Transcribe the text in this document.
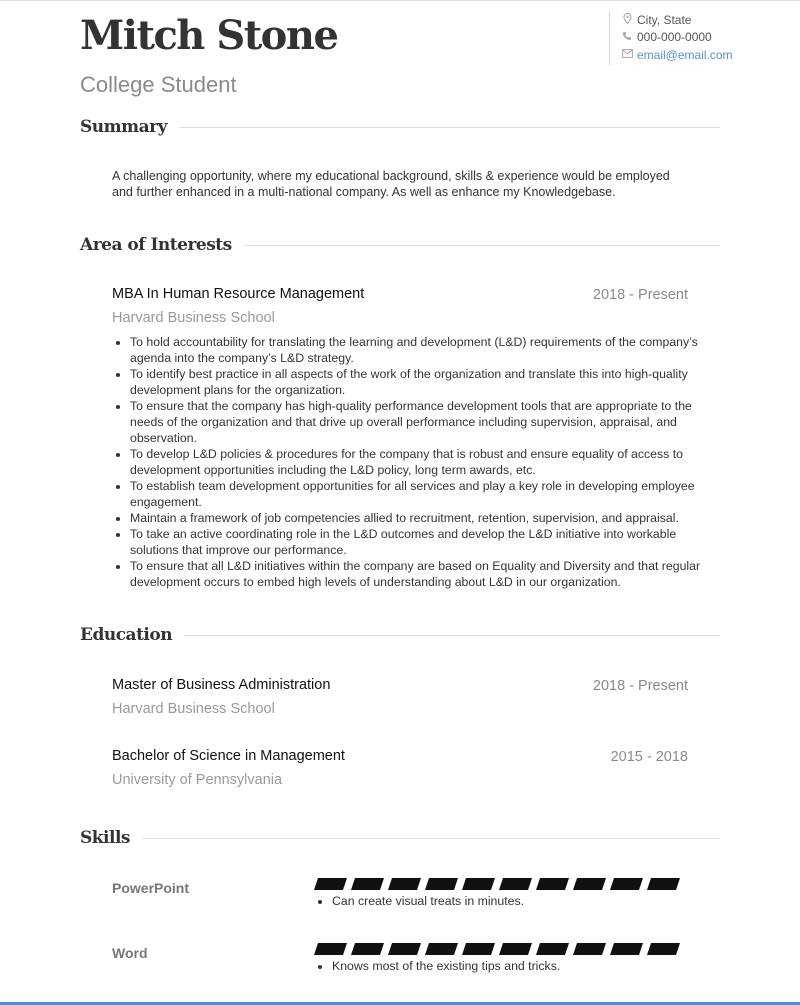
Mitch Stone
College Student
City, State
000-000-0000
email@email.com
Summary
A challenging opportunity, where my educational background, skills & experience would be employed and further enhanced in a multi-national company. As well as enhance my Knowledgebase.
Area of Interests
MBA In Human Resource Management	2018 - Present
Harvard Business School
• To hold accountability for translating the learning and development (L&D) requirements of the company’s agenda into the company’s L&D strategy.
• To identify best practice in all aspects of the work of the organization and translate this into high-quality development plans for the organization.
• To ensure that the company has high-quality performance development tools that are appropriate to the needs of the organization and that drive up overall performance including supervision, appraisal, and observation.
• To develop L&D policies & procedures for the company that is robust and ensure equality of access to development opportunities including the L&D policy, long term awards, etc.
• To establish team development opportunities for all services and play a key role in developing employee engagement.
• Maintain a framework of job competencies allied to recruitment, retention, supervision, and appraisal.
• To take an active coordinating role in the L&D outcomes and develop the L&D initiative into workable solutions that improve our performance.
• To ensure that all L&D initiatives within the company are based on Equality and Diversity and that regular development occurs to embed high levels of understanding about L&D in our organization.
Education
Master of Business Administration	2018 - Present
Harvard Business School
Bachelor of Science in Management	2015 - 2018
University of Pennsylvania
Skills
PowerPoint
• Can create visual treats in minutes.
Word
• Knows most of the existing tips and tricks.
